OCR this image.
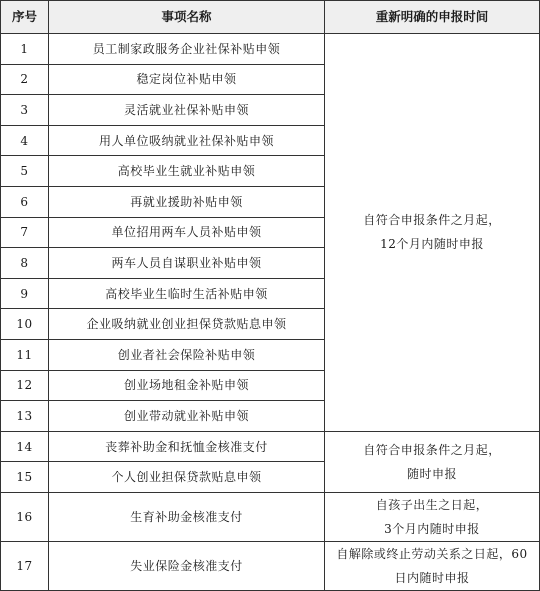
序号	事项名称	重新明确的申报时间
1	员工制家政服务企业社保补贴申领	自符合申报条件之月起，
12个月内随时申报

2	稳定岗位补贴申领	
3	灵活就业社保补贴申领	
4	用人单位吸纳就业社保补贴申领	
5	高校毕业生就业补贴申领	
6	再就业援助补贴申领	
7	单位招用两车人员补贴申领	
8	两车人员自谋职业补贴申领	
9	高校毕业生临时生活补贴申领	
10	企业吸纳就业创业担保贷款贴息申领	
11	创业者社会保险补贴申领	
12	创业场地租金补贴申领	
13	创业带动就业补贴申领	
14	丧葬补助金和抚恤金核准支付	自符合申报条件之月起，
随时申报

15	个人创业担保贷款贴息申领	
16	生育补助金核准支付	自孩子出生之日起，
3个月内随时申报

17	失业保险金核准支付	自解除或终止劳动关系之日起，60
日内随时申报
